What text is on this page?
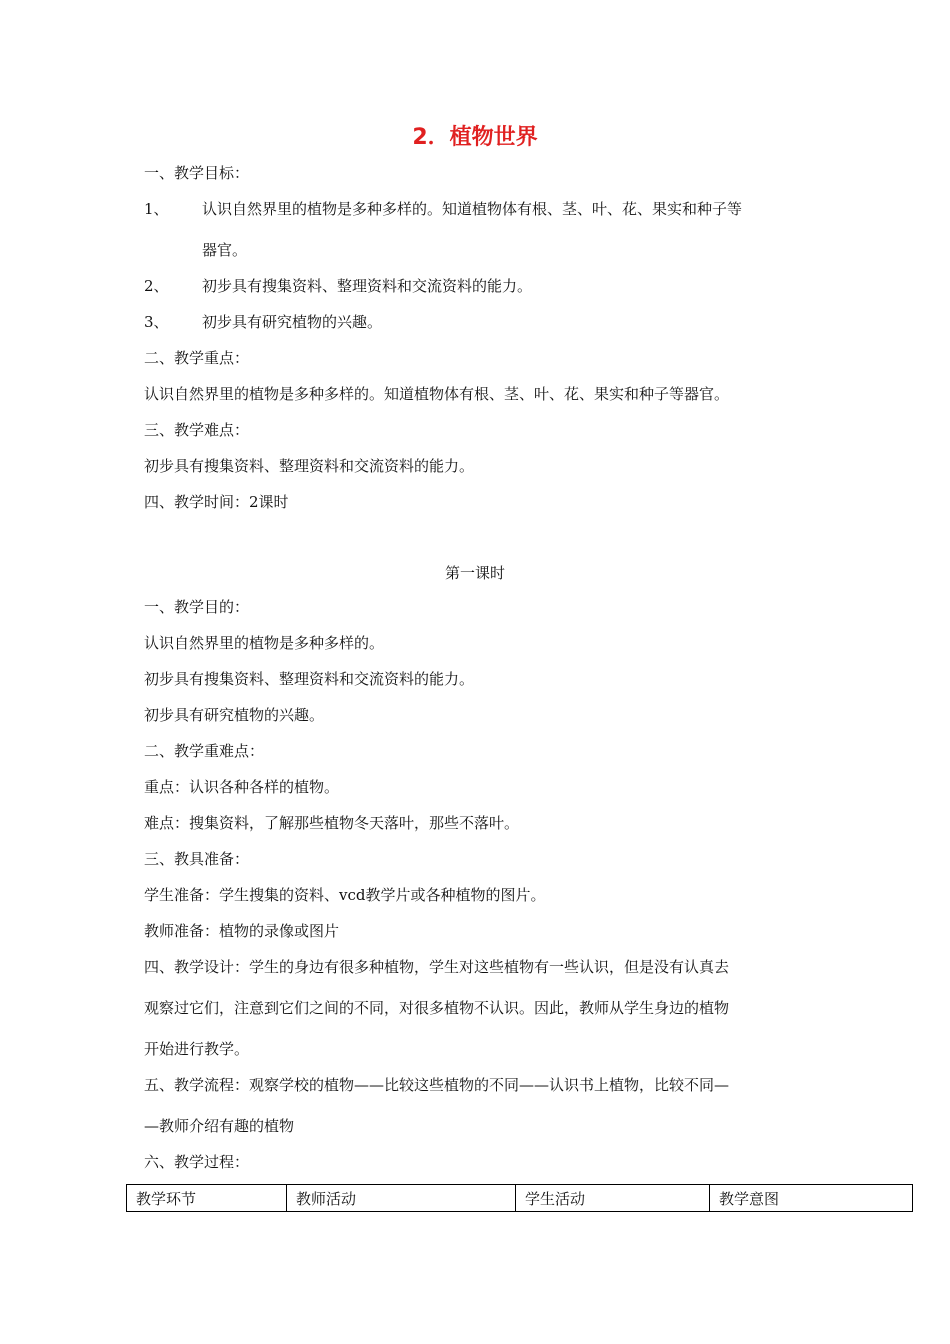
2．植物世界
一、教学目标：
1、 认识自然界里的植物是多种多样的。知道植物体有根、茎、叶、花、果实和种子等
器官。
2、 初步具有搜集资料、整理资料和交流资料的能力。
3、 初步具有研究植物的兴趣。
二、教学重点：
认识自然界里的植物是多种多样的。知道植物体有根、茎、叶、花、果实和种子等器官。
三、教学难点：
初步具有搜集资料、整理资料和交流资料的能力。
四、教学时间：2课时
第一课时
一、教学目的：
认识自然界里的植物是多种多样的。
初步具有搜集资料、整理资料和交流资料的能力。
初步具有研究植物的兴趣。
二、教学重难点：
重点：认识各种各样的植物。
难点：搜集资料，了解那些植物冬天落叶，那些不落叶。
三、教具准备：
学生准备：学生搜集的资料、vcd教学片或各种植物的图片。
教师准备：植物的录像或图片
四、教学设计：学生的身边有很多种植物，学生对这些植物有一些认识，但是没有认真去
观察过它们，注意到它们之间的不同，对很多植物不认识。因此，教师从学生身边的植物
开始进行教学。
五、教学流程：观察学校的植物——比较这些植物的不同——认识书上植物，比较不同—
—教师介绍有趣的植物
六、教学过程：
教学环节	教师活动	学生活动	教学意图
